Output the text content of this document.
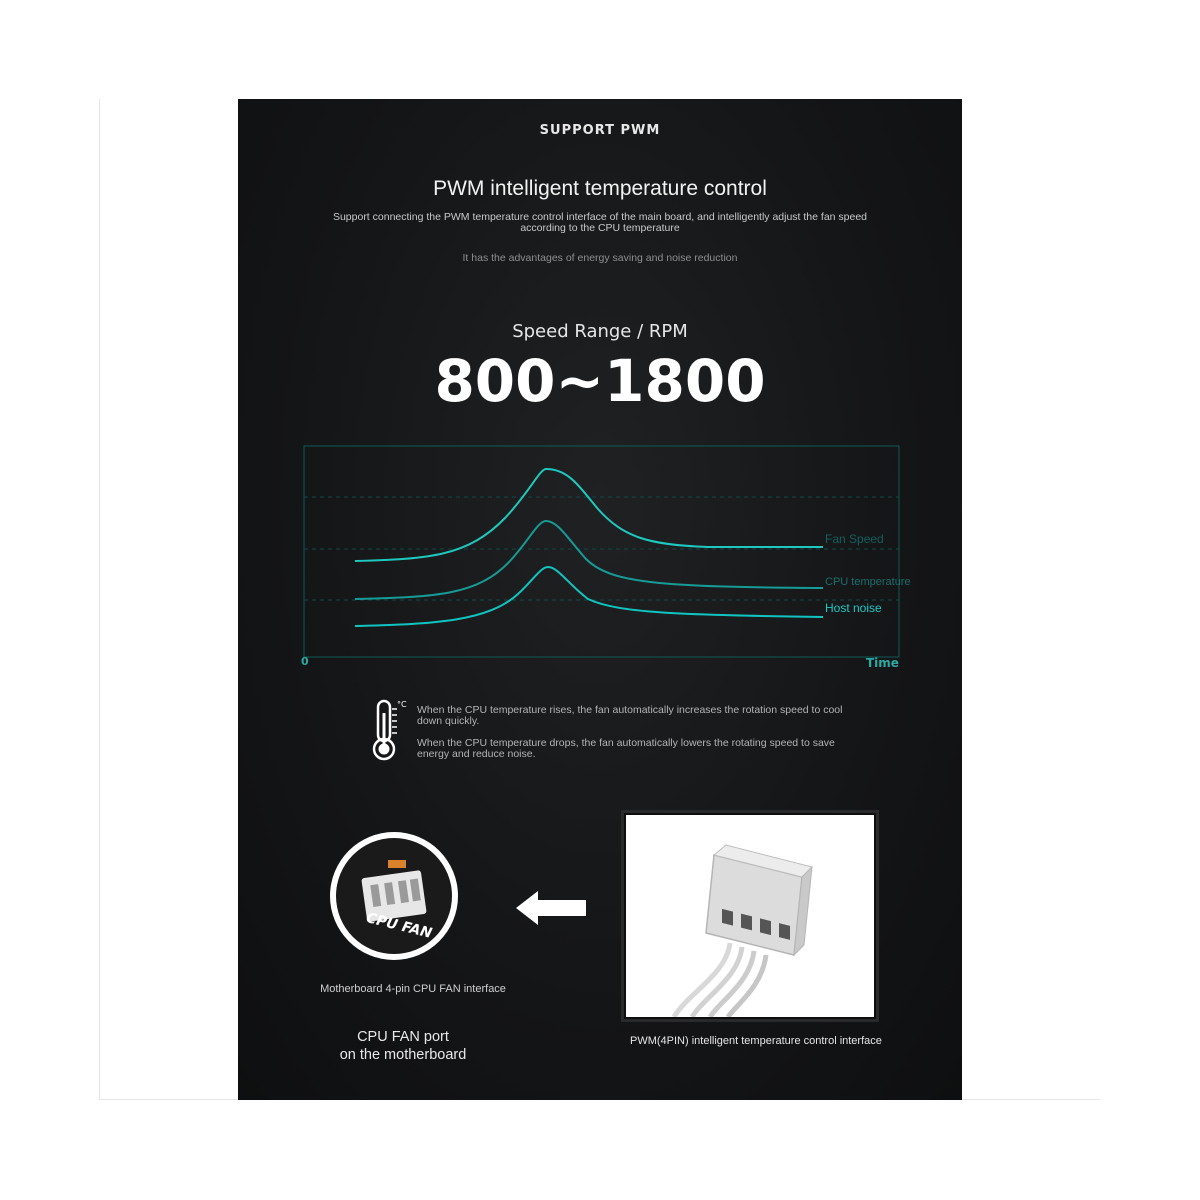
SUPPORT PWM
PWM intelligent temperature control
Support connecting the PWM temperature control interface of the main board, and intelligently adjust the fan speed according to the CPU temperature
It has the advantages of energy saving and noise reduction
Speed Range / RPM
800~1800
Fan Speed
CPU temperature
Host noise
0	Time
°C When the CPU temperature rises, the fan automatically increases the rotation speed to cool down quickly.
When the CPU temperature drops, the fan automatically lowers the rotating speed to save energy and reduce noise.
CPU FAN
Motherboard 4-pin CPU FAN interface
CPU FAN port
on the motherboard
PWM(4PIN) intelligent temperature control interface
